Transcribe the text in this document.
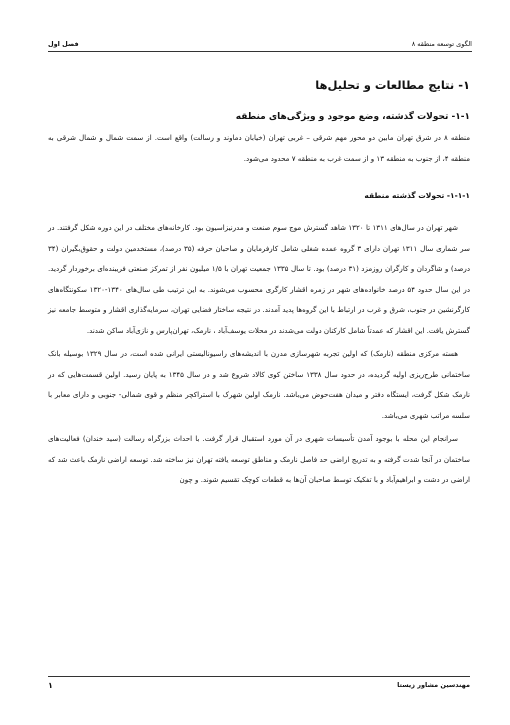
فصل اول	الگوی توسعه منطقه ۸
۱- نتایج مطالعات و تحلیل‌ها
۱-۱- تحولات گذشته، وضع موجود و ویژگی‌های منطقه

منطقه ۸ در شرق تهران مابین دو محور مهم شرقی – غربی تهران (خیابان دماوند و رسالت) واقع است. از سمت شمال و شمال شرقی به منطقه ۴، از جنوب به منطقه ۱۳ و از سمت غرب به منطقه ۷ محدود می‌شود.

۱-۱-۱- تحولات گذشته منطقه

شهر تهران در سال‌های ۱۳۱۱ تا ۱۳۲۰ شاهد گسترش موج سوم صنعت و مدرنیزاسیون بود. کارخانه‌های مختلف در این دوره شکل گرفتند. در سر شماری سال ۱۳۱۱ تهران دارای ۳ گروه عمده شغلی شامل کارفرمایان و صاحبان حرفه (۳۵ درصد)، مستخدمین دولت و حقوق‌بگیران (۳۴ درصد) و شاگردان و کارگران روزمزد (۳۱ درصد) بود. تا سال ۱۳۳۵ جمعیت تهران با ۱/۵ میلیون نفر از تمرکز صنعتی فریبنده‌ای برخوردار گردید. در این سال حدود ۵۴ درصد خانواده‌های شهر در زمره اقشار کارگری محسوب می‌شوند. به این ترتیب طی سال‌های ۱۳۴۰-۱۳۲۰ سکونتگاه‌های کارگرنشین در جنوب، شرق و غرب در ارتباط با این گروه‌ها پدید آمدند. در نتیجه ساختار فضایی تهران، سرمایه‌گذاری اقشار و متوسط جامعه نیز گسترش یافت. این اقشار که عمدتاً شامل کارکنان دولت می‌شدند در محلات یوسف‌آباد ، نارمک، تهران‌پارس و نازی‌آباد ساکن شدند.

هسته مرکزی منطقه (نارمک) که اولین تجربه شهرسازی مدرن با اندیشه‌های راسیونالیستی ایرانی شده است، در سال ۱۳۲۹ بوسیله بانک ساختمانی طرح‌ریزی اولیه گردیده، در حدود سال ۱۳۳۸ ساختن کوی کالاد شروع شد و در سال ۱۳۴۵ به پایان رسید. اولین قسمت‌هایی که در نارمک شکل گرفت، ایستگاه دفتر و میدان هفت‌حوض می‌باشد. نارمک اولین شهرک با استراکچر منظم و قوی شمالی- جنوبی و دارای معابر با سلسه مراتب شهری می‌باشد.

سرانجام این محله با بوجود آمدن تأسیسات شهری در آن مورد استقبال قرار گرفت. با احداث بزرگراه رسالت (سید خندان) فعالیت‌های ساختمان در آنجا شدت گرفته و به تدریج اراضی حد فاصل نارمک و مناطق توسعه یافته تهران نیز ساخته شد. توسعه اراضی نارمک باعث شد که اراضی در دشت و ابراهیم‌آباد و با تفکیک توسط صاحبان آن‌ها به قطعات کوچک تقسیم شوند. و چون

۱	مهندسین مشاور زیستا
